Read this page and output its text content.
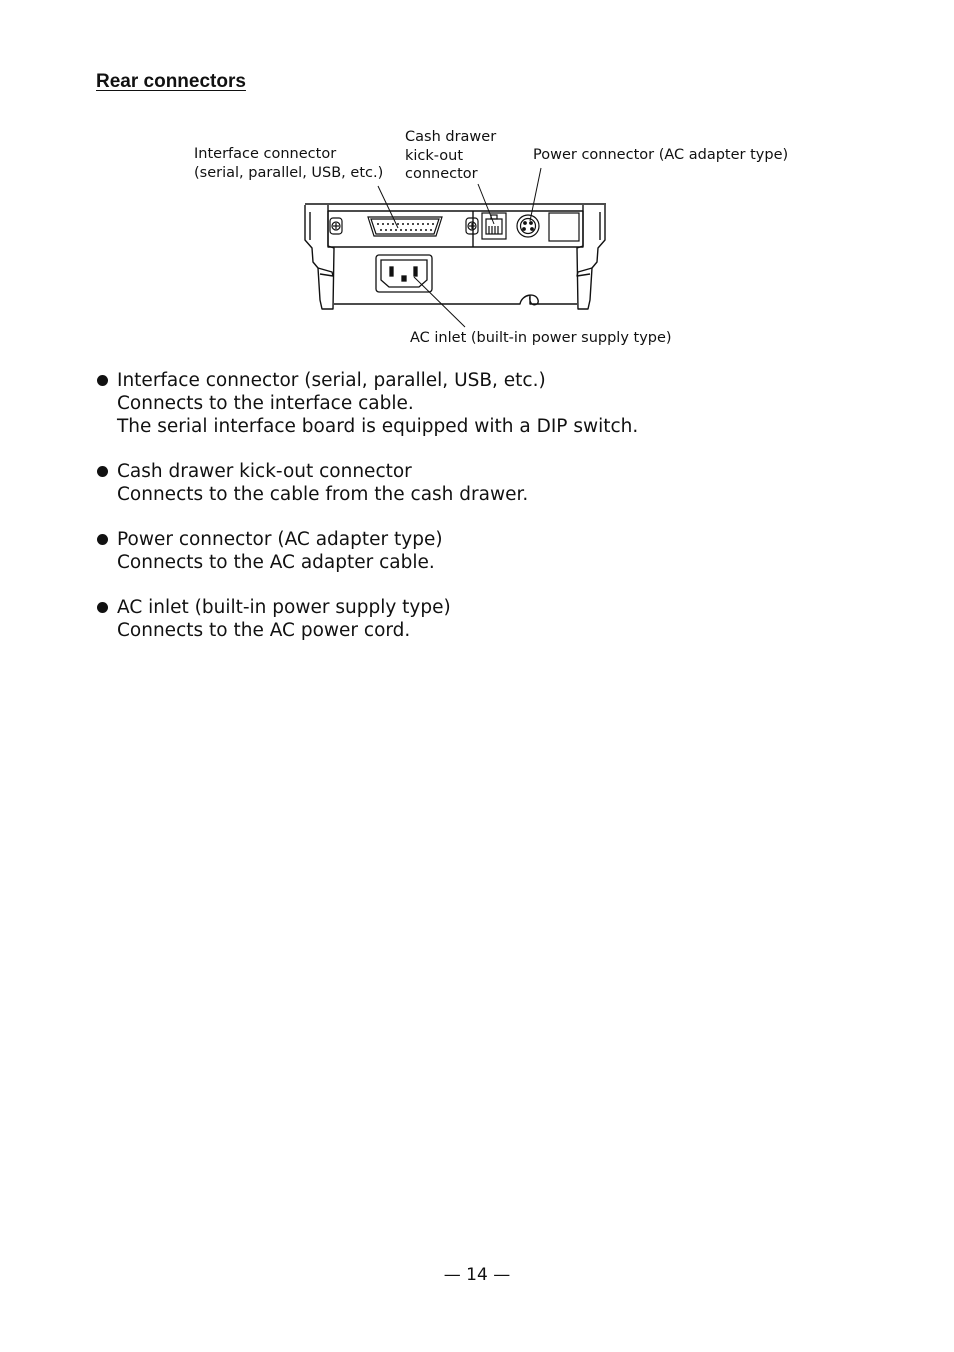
Rear connectors
Interface connector
(serial, parallel, USB, etc.)
Cash drawer
kick-out
connector
Power connector (AC adapter type)
AC inlet (built-in power supply type)
Interface connector (serial, parallel, USB, etc.)
Connects to the interface cable.
The serial interface board is equipped with a DIP switch.
Cash drawer kick-out connector
Connects to the cable from the cash drawer.
Power connector (AC adapter type)
Connects to the AC adapter cable.
AC inlet (built-in power supply type)
Connects to the AC power cord.
— 14 —
